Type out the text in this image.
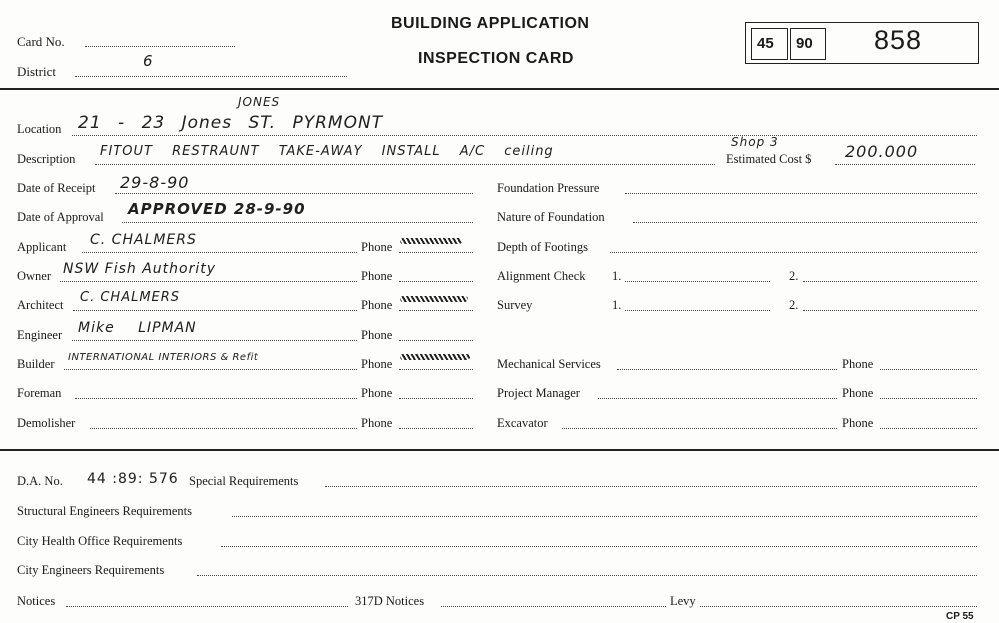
Card No.
District
6
BUILDING APPLICATION
INSPECTION CARD
45 90 858
Location 21 - 23 Jones ST. PYRMONT
JONES
Description FITOUT RESTRAUNT TAKE-AWAY INSTALL A/C ceiling
Shop 3
Estimated Cost $ 200.000
Date of Receipt 29-8-90
Date of Approval APPROVED 28-9-90
Applicant C. CHALMERS	Phone
Owner NSW Fish Authority	Phone
Architect C. CHALMERS	Phone
Engineer Mike LIPMAN	Phone
Builder INTERNATIONAL INTERIORS & Refit	Phone
Foreman	Phone
Demolisher	Phone
Foundation Pressure
Nature of Foundation
Depth of Footings
Alignment Check 1.	2.
Survey	1.	2.
Mechanical Services	Phone
Project Manager	Phone
Excavator	Phone
D.A. No. 44 :89: 576 Special Requirements
Structural Engineers Requirements
City Health Office Requirements
City Engineers Requirements
Notices	317D Notices	Levy
CP 55
